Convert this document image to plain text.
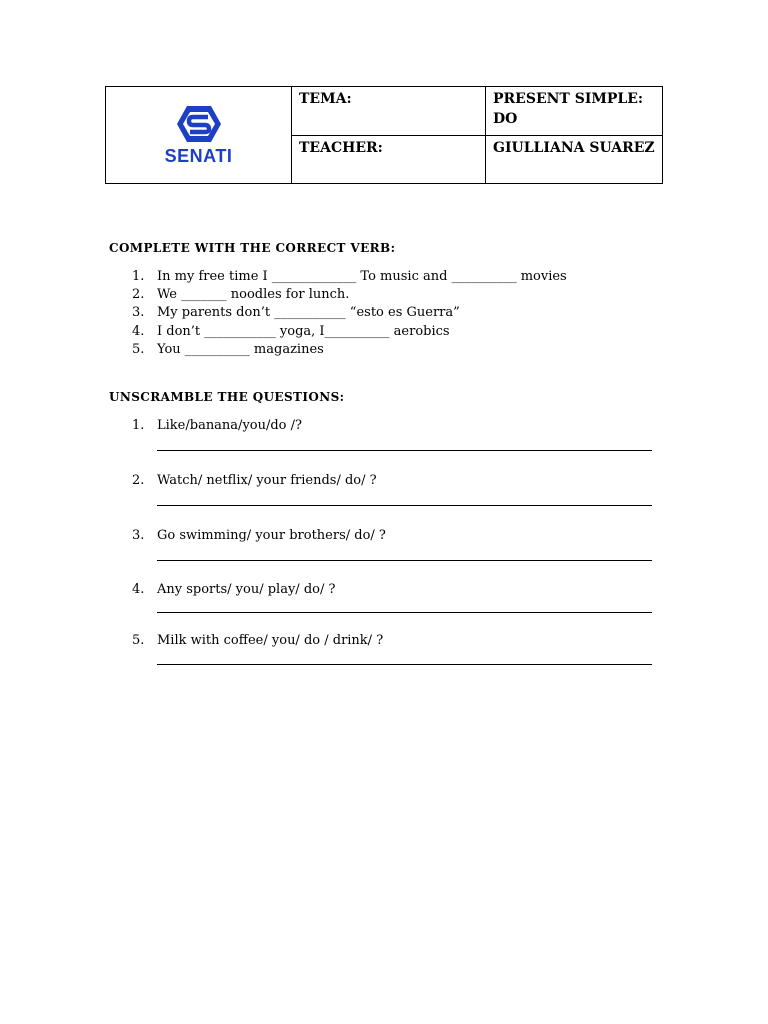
SENATI	TEMA:	PRESENT SIMPLE: DO
	TEACHER:	GIULLIANA SUAREZ
COMPLETE WITH THE CORRECT VERB:
1. In my free time I _____________ To music and __________ movies
2. We _______ noodles for lunch.
3. My parents don’t ___________ “esto es Guerra”
4. I don’t ___________ yoga, I__________ aerobics
5. You __________ magazines
UNSCRAMBLE THE QUESTIONS:
1. Like/banana/you/do /?
2. Watch/ netflix/ your friends/ do/ ?
3. Go swimming/ your brothers/ do/ ?
4. Any sports/ you/ play/ do/ ?
5. Milk with coffee/ you/ do / drink/ ?
